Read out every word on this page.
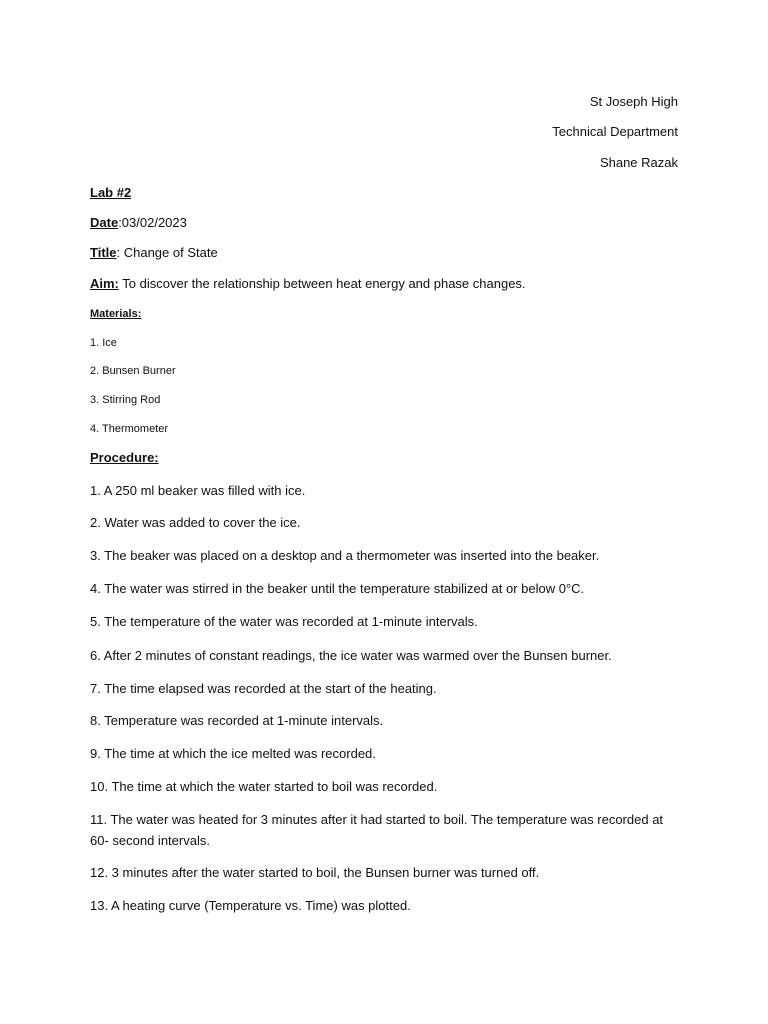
St Joseph High
Technical Department
Shane Razak
Lab #2
Date:03/02/2023
Title: Change of State
Aim: To discover the relationship between heat energy and phase changes.
Materials:
1. Ice
2. Bunsen Burner
3. Stirring Rod
4. Thermometer
Procedure:
1. A 250 ml beaker was filled with ice.
2. Water was added to cover the ice.
3. The beaker was placed on a desktop and a thermometer was inserted into the beaker.
4. The water was stirred in the beaker until the temperature stabilized at or below 0°C.
5. The temperature of the water was recorded at 1-minute intervals.
6. After 2 minutes of constant readings, the ice water was warmed over the Bunsen burner.
7. The time elapsed was recorded at the start of the heating.
8. Temperature was recorded at 1-minute intervals.
9. The time at which the ice melted was recorded.
10. The time at which the water started to boil was recorded.
11. The water was heated for 3 minutes after it had started to boil. The temperature was recorded at 60- second intervals.
12. 3 minutes after the water started to boil, the Bunsen burner was turned off.
13. A heating curve (Temperature vs. Time) was plotted.
